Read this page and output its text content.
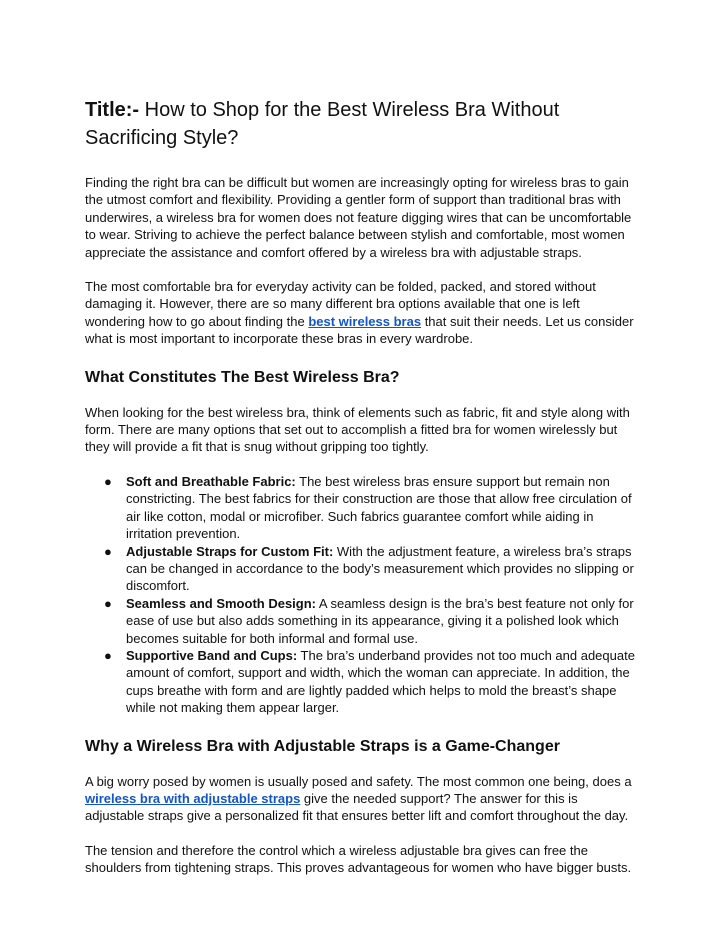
Title:- How to Shop for the Best Wireless Bra Without Sacrificing Style?

Finding the right bra can be difficult but women are increasingly opting for wireless bras to gain the utmost comfort and flexibility. Providing a gentler form of support than traditional bras with underwires, a wireless bra for women does not feature digging wires that can be uncomfortable to wear. Striving to achieve the perfect balance between stylish and comfortable, most women appreciate the assistance and comfort offered by a wireless bra with adjustable straps.

The most comfortable bra for everyday activity can be folded, packed, and stored without damaging it. However, there are so many different bra options available that one is left wondering how to go about finding the best wireless bras that suit their needs. Let us consider what is most important to incorporate these bras in every wardrobe.

What Constitutes The Best Wireless Bra?

When looking for the best wireless bra, think of elements such as fabric, fit and style along with form. There are many options that set out to accomplish a fitted bra for women wirelessly but they will provide a fit that is snug without gripping too tightly.

● Soft and Breathable Fabric: The best wireless bras ensure support but remain non constricting. The best fabrics for their construction are those that allow free circulation of air like cotton, modal or microfiber. Such fabrics guarantee comfort while aiding in irritation prevention.
● Adjustable Straps for Custom Fit: With the adjustment feature, a wireless bra’s straps can be changed in accordance to the body’s measurement which provides no slipping or discomfort.
● Seamless and Smooth Design: A seamless design is the bra’s best feature not only for ease of use but also adds something in its appearance, giving it a polished look which becomes suitable for both informal and formal use.
● Supportive Band and Cups: The bra’s underband provides not too much and adequate amount of comfort, support and width, which the woman can appreciate. In addition, the cups breathe with form and are lightly padded which helps to mold the breast’s shape while not making them appear larger.
Why a Wireless Bra with Adjustable Straps is a Game-Changer

A big worry posed by women is usually posed and safety. The most common one being, does a wireless bra with adjustable straps give the needed support? The answer for this is adjustable straps give a personalized fit that ensures better lift and comfort throughout the day.

The tension and therefore the control which a wireless adjustable bra gives can free the shoulders from tightening straps. This proves advantageous for women who have bigger busts.
